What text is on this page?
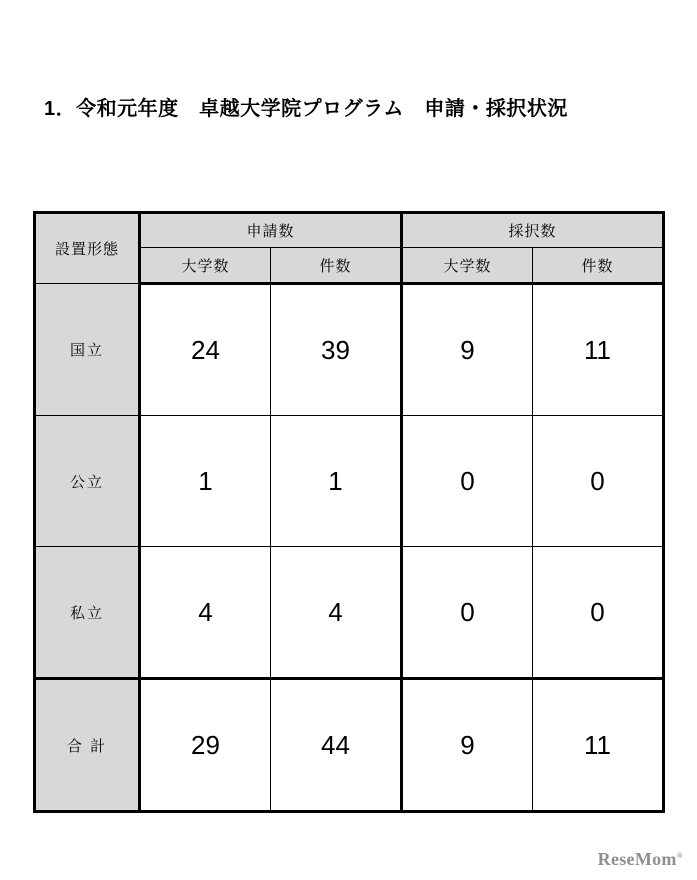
1．令和元年度　卓越大学院プログラム　申請・採択状況
設置形態	申請数		採択数	
	大学数	件数	大学数	件数
国立	24	39	9	11
公立	1	1	0	0
私立	4	4	0	0
合 計	29	44	9	11
ReseMom®
